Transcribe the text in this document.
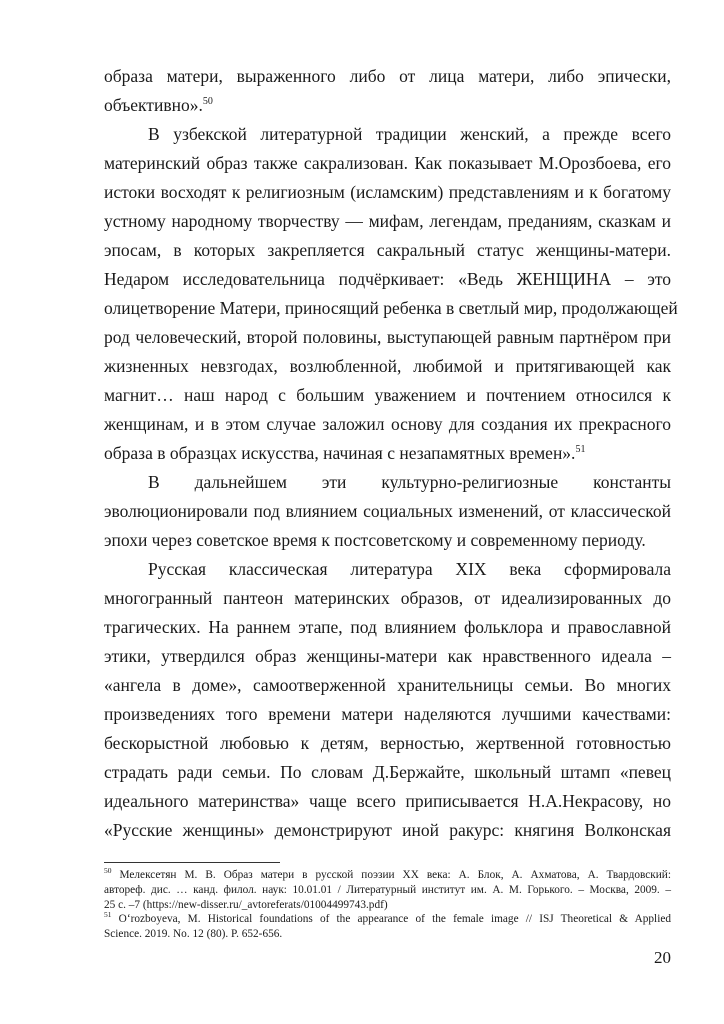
образа матери, выраженного либо от лица матери, либо эпически,
объективно».$^{50}$
В узбекской литературной традиции женский, а прежде всего
материнский образ также сакрализован. Как показывает М.Орозбоева, его
истоки восходят к религиозным (исламским) представлениям и к богатому
устному народному творчеству — мифам, легендам, преданиям, сказкам и
эпосам, в которых закрепляется сакральный статус женщины-матери.
Недаром исследовательница подчёркивает: «Ведь ЖЕНЩИНА – это
олицетворение Матери, приносящий ребенка в светлый мир, продолжающей
род человеческий, второй половины, выступающей равным партнёром при
жизненных невзгодах, возлюбленной, любимой и притягивающей как
магнит… наш народ с большим уважением и почтением относился к
женщинам, и в этом случае заложил основу для создания их прекрасного
образа в образцах искусства, начиная с незапамятных времен».$^{51}$
В дальнейшем эти культурно-религиозные константы
эволюционировали под влиянием социальных изменений, от классической
эпохи через советское время к постсоветскому и современному периоду.
Русская классическая литература XIX века сформировала
многогранный пантеон материнских образов, от идеализированных до
трагических. На раннем этапе, под влиянием фольклора и православной
этики, утвердился образ женщины-матери как нравственного идеала –
«ангела в доме», самоотверженной хранительницы семьи. Во многих
произведениях того времени матери наделяются лучшими качествами:
бескорыстной любовью к детям, верностью, жертвенной готовностью
страдать ради семьи. По словам Д.Бержайте, школьный штамп «певец
идеального материнства» чаще всего приписывается Н.А.Некрасову, но
«Русские женщины» демонстрируют иной ракурс: княгиня Волконская
$^{50}$ Мелексетян М. В. Образ матери в русской поэзии XX века: А. Блок, А. Ахматова, А. Твардовский:
автореф. дис. … канд. филол. наук: 10.01.01 / Литературный институт им. А. М. Горького. – Москва, 2009. –
25 с. –7 (https://new-disser.ru/_avtoreferats/01004499743.pdf)
$^{51}$ O‘rozboyeva, M. Historical foundations of the appearance of the female image // ISJ Theoretical & Applied
Science. 2019. No. 12 (80). P. 652-656.
20
